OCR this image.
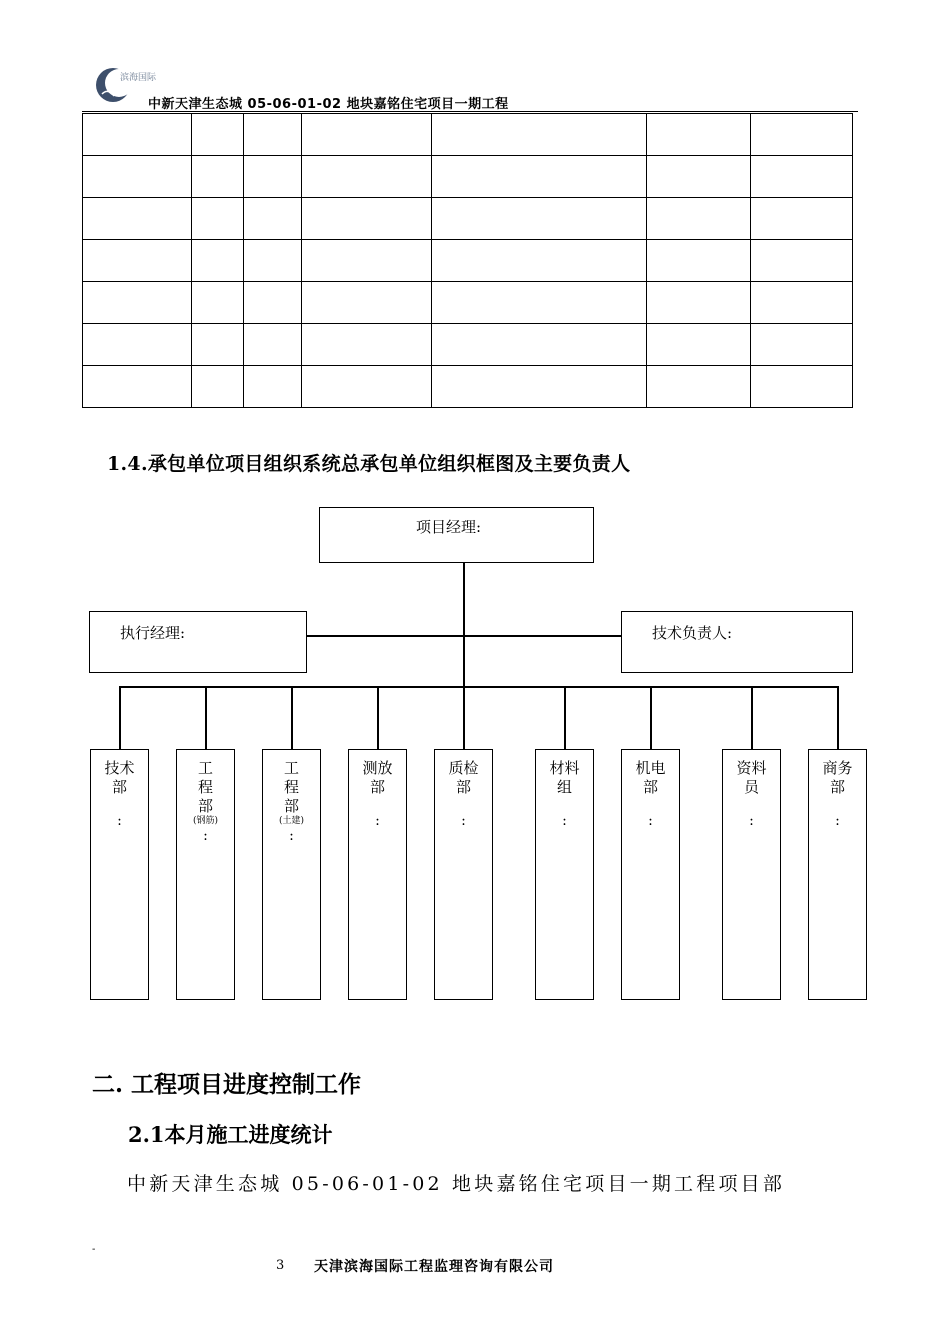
滨海国际
中新天津生态城 05-06-01-02 地块嘉铭住宅项目一期工程

1.4.承包单位项目组织系统总承包单位组织框图及主要负责人
项目经理:
执行经理:	技术负责人:
技术
部
:
工
程
部
(钢筋)
:
工
程
部
(土建)
:
测放
部
:
质检
部
:
材料
组
:
机电
部
:
资料
员
:
商务
部
:
二. 工程项目进度控制工作
2.1本月施工进度统计
中新天津生态城 05-06-01-02 地块嘉铭住宅项目一期工程项目部
-
3 天津滨海国际工程监理咨询有限公司
